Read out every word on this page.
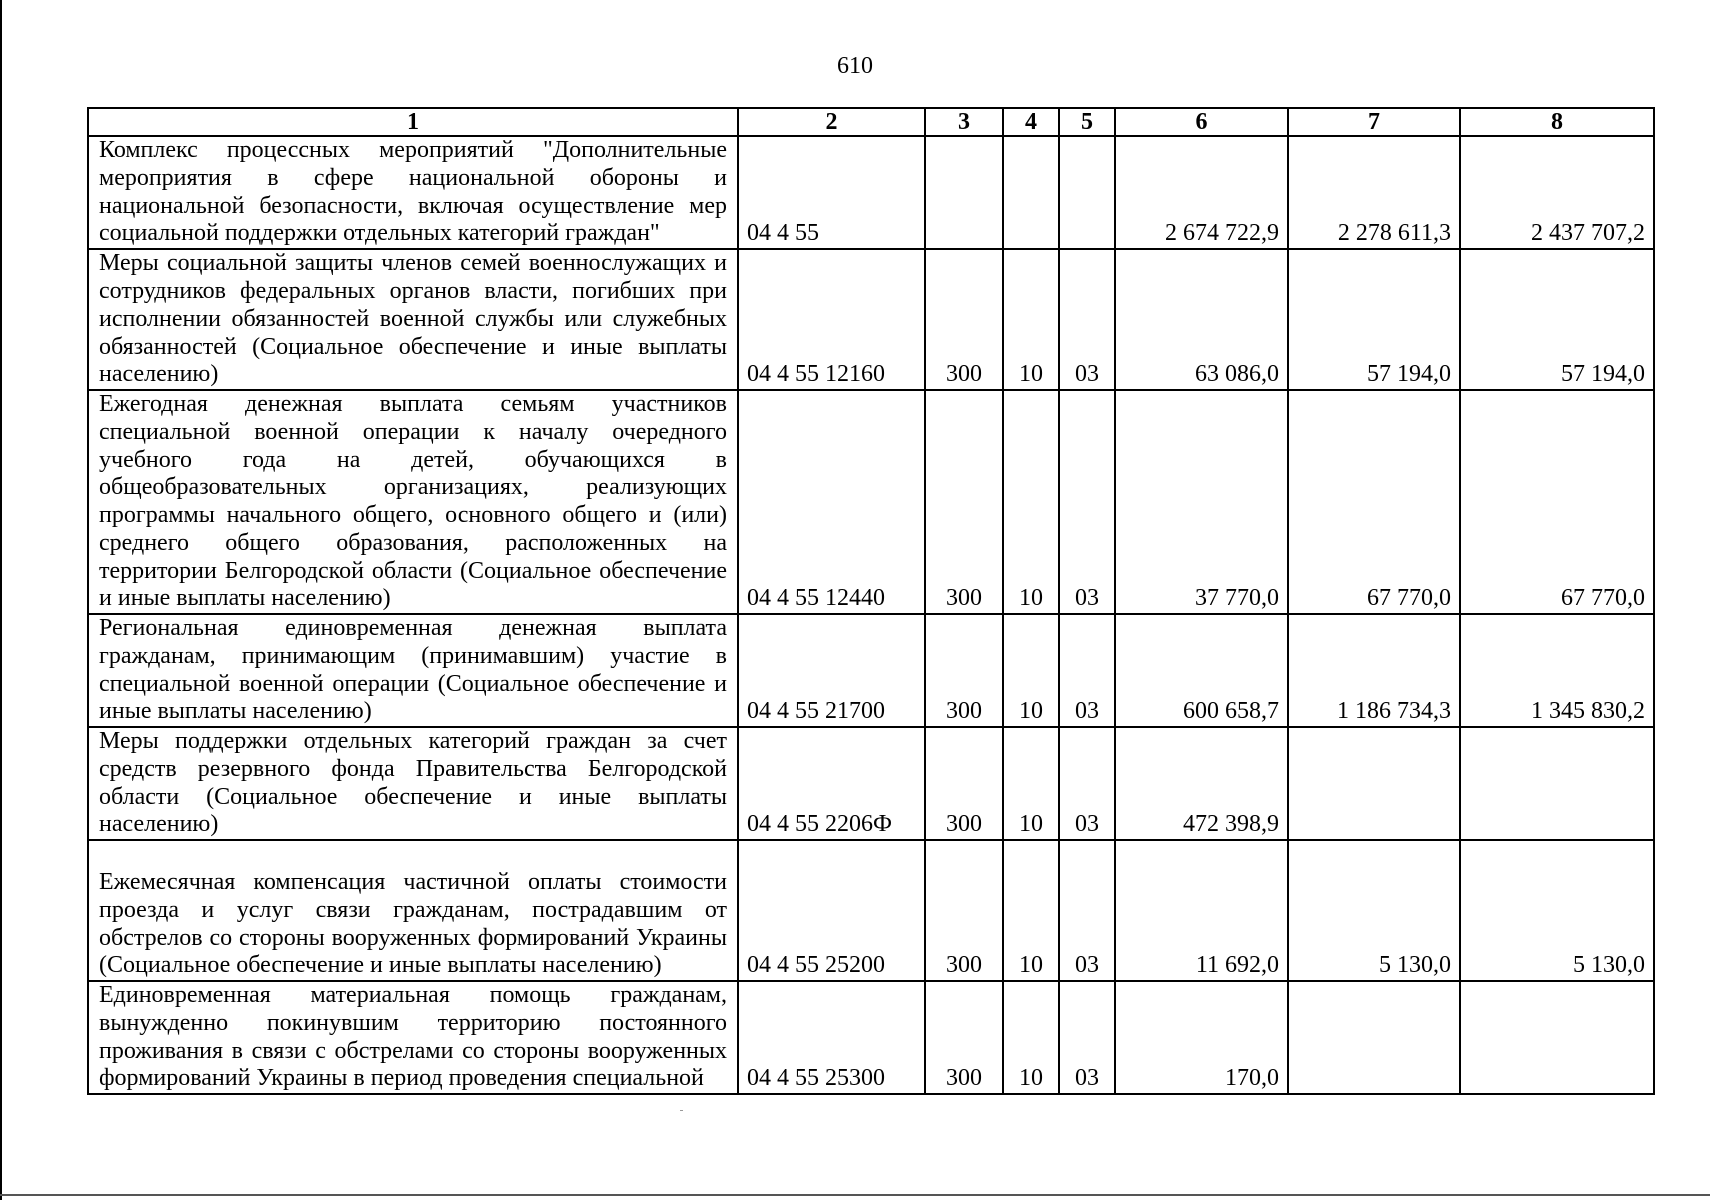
610
1	2	3	4	5	6	7	8
Комплекс процессных мероприятий "Дополнительные мероприятия в сфере национальной обороны и национальной безопасности, включая осуществление мер социальной поддержки отдельных категорий граждан"	04 4 55				2 674 722,9	2 278 611,3	2 437 707,2
Меры социальной защиты членов семей военнослужащих и сотрудников федеральных органов власти, погибших при исполнении обязанностей военной службы или служебных обязанностей (Социальное обеспечение и иные выплаты населению)	04 4 55 12160	300	10	03	63 086,0	57 194,0	57 194,0
Ежегодная денежная выплата семьям участников специальной военной операции к началу очередного учебного года на детей, обучающихся в общеобразовательных организациях, реализующих программы начального общего, основного общего и (или) среднего общего образования, расположенных на территории Белгородской области (Социальное обеспечение и иные выплаты населению)	04 4 55 12440	300	10	03	37 770,0	67 770,0	67 770,0
Региональная единовременная денежная выплата гражданам, принимающим (принимавшим) участие в специальной военной операции (Социальное обеспечение и иные выплаты населению)	04 4 55 21700	300	10	03	600 658,7	1 186 734,3	1 345 830,2
Меры поддержки отдельных категорий граждан за счет средств резервного фонда Правительства Белгородской области (Социальное обеспечение и иные выплаты населению)	04 4 55 2206Ф	300	10	03	472 398,9		
Ежемесячная компенсация частичной оплаты стоимости проезда и услуг связи гражданам, пострадавшим от обстрелов со стороны вооруженных формирований Украины (Социальное обеспечение и иные выплаты населению)	04 4 55 25200	300	10	03	11 692,0	5 130,0	5 130,0
Единовременная материальная помощь гражданам, вынужденно покинувшим территорию постоянного проживания в связи с обстрелами со стороны вооруженных формирований Украины в период проведения специальной	04 4 55 25300	300	10	03	170,0		
